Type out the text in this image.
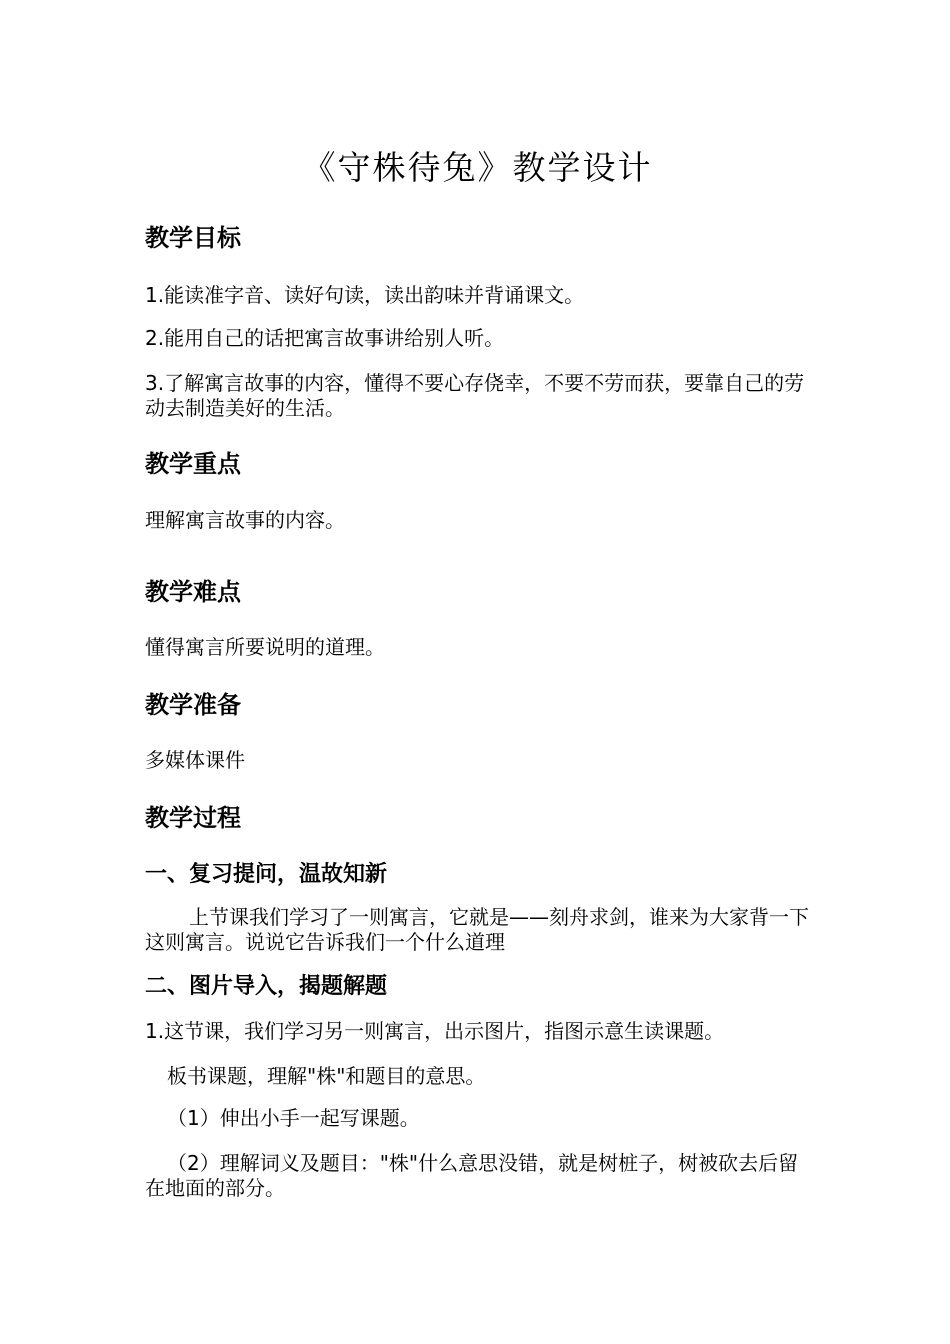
《守株待兔》教学设计
教学目标

1.能读准字音、读好句读，读出韵味并背诵课文。

2.能用自己的话把寓言故事讲给别人听。

3.了解寓言故事的内容，懂得不要心存侥幸，不要不劳而获，要靠自己的劳动去制造美好的生活。

教学重点

理解寓言故事的内容。

教学难点

懂得寓言所要说明的道理。

教学准备

多媒体课件

教学过程
一、复习提问，温故知新

上节课我们学习了一则寓言，它就是——刻舟求剑，谁来为大家背一下这则寓言。说说它告诉我们一个什么道理

二、图片导入，揭题解题

1.这节课，我们学习另一则寓言，出示图片，指图示意生读课题。

板书课题，理解"株"和题目的意思。

（1）伸出小手一起写课题。

（2）理解词义及题目："株"什么意思没错，就是树桩子，树被砍去后留在地面的部分。
